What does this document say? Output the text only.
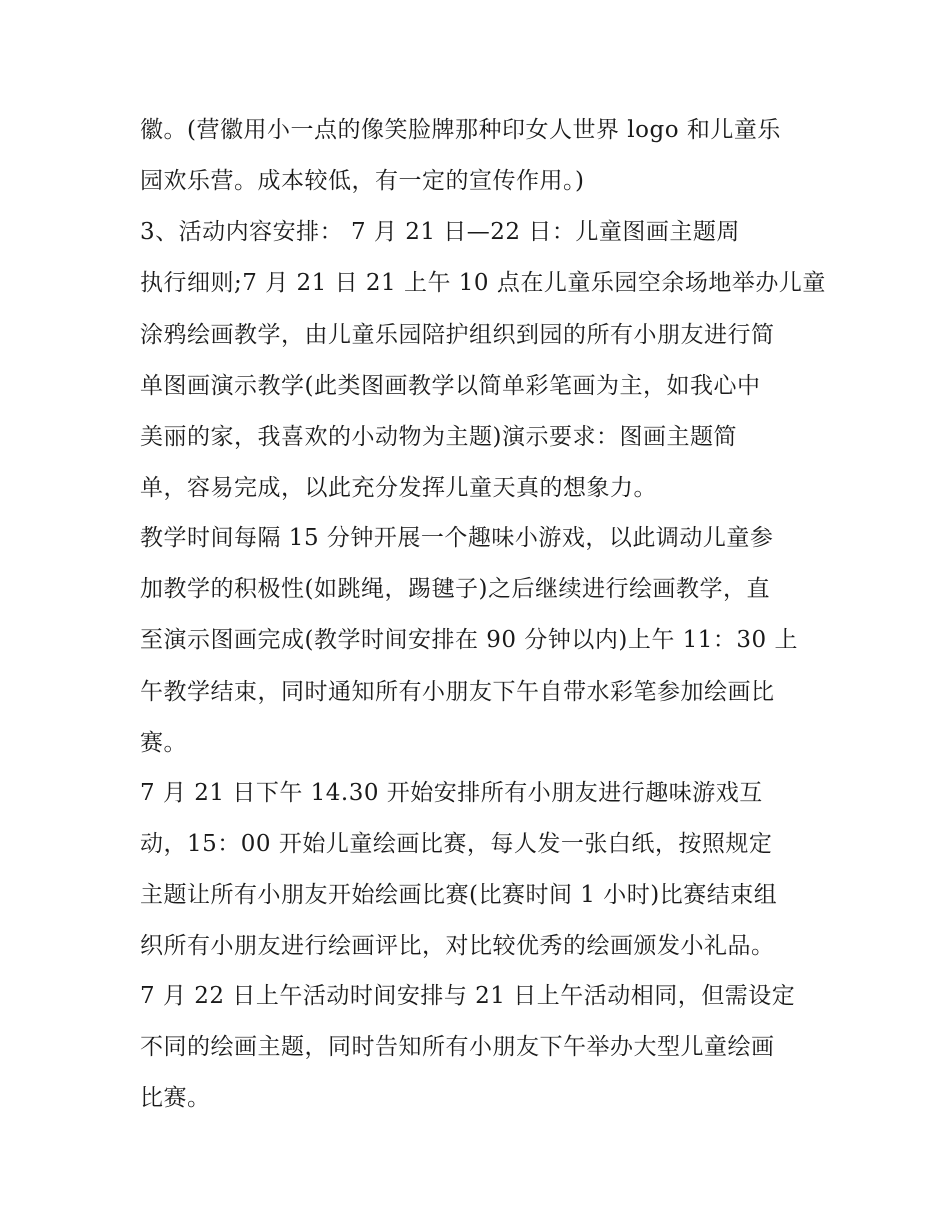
徽。(营徽用小一点的像笑脸牌那种印女人世界 logo 和儿童乐
园欢乐营。成本较低，有一定的宣传作用。)
3、活动内容安排： 7 月 21 日—22 日：儿童图画主题周
执行细则;7 月 21 日 21 上午 10 点在儿童乐园空余场地举办儿童
涂鸦绘画教学，由儿童乐园陪护组织到园的所有小朋友进行简
单图画演示教学(此类图画教学以简单彩笔画为主，如我心中
美丽的家，我喜欢的小动物为主题)演示要求：图画主题简
单，容易完成，以此充分发挥儿童天真的想象力。
教学时间每隔 15 分钟开展一个趣味小游戏，以此调动儿童参
加教学的积极性(如跳绳，踢毽子)之后继续进行绘画教学，直
至演示图画完成(教学时间安排在 90 分钟以内)上午 11：30 上
午教学结束，同时通知所有小朋友下午自带水彩笔参加绘画比
赛。
7 月 21 日下午 14.30 开始安排所有小朋友进行趣味游戏互
动，15：00 开始儿童绘画比赛，每人发一张白纸，按照规定
主题让所有小朋友开始绘画比赛(比赛时间 1 小时)比赛结束组
织所有小朋友进行绘画评比，对比较优秀的绘画颁发小礼品。
7 月 22 日上午活动时间安排与 21 日上午活动相同，但需设定
不同的绘画主题，同时告知所有小朋友下午举办大型儿童绘画
比赛。
